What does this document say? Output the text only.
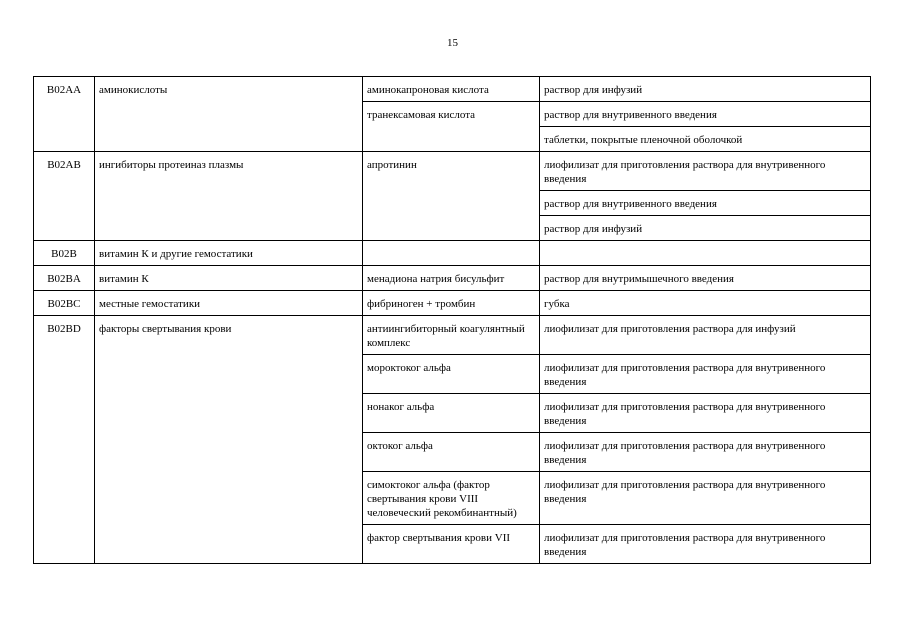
15
B02AA	аминокислоты	аминокапроновая кислота	раствор для инфузий
		транексамовая кислота	раствор для внутривенного введения
			таблетки, покрытые пленочной оболочкой
B02AB	ингибиторы протеиназ плазмы	апротинин	лиофилизат для приготовления раствора для внутривенного введения
			раствор для внутривенного введения
			раствор для инфузий
B02B	витамин К и другие гемостатики		
B02BA	витамин К	менадиона натрия бисульфит	раствор для внутримышечного введения
B02BC	местные гемостатики	фибриноген + тромбин	губка
B02BD	факторы свертывания крови	антиингибиторный коагулянтный комплекс	лиофилизат для приготовления раствора для инфузий
		мороктоког альфа	лиофилизат для приготовления раствора для внутривенного введения
		нонаког альфа	лиофилизат для приготовления раствора для внутривенного введения
		октоког альфа	лиофилизат для приготовления раствора для внутривенного введения
		симоктоког альфа (фактор свертывания крови VIII человеческий рекомбинантный)	лиофилизат для приготовления раствора для внутривенного введения
		фактор свертывания крови VII	лиофилизат для приготовления раствора для внутривенного введения
